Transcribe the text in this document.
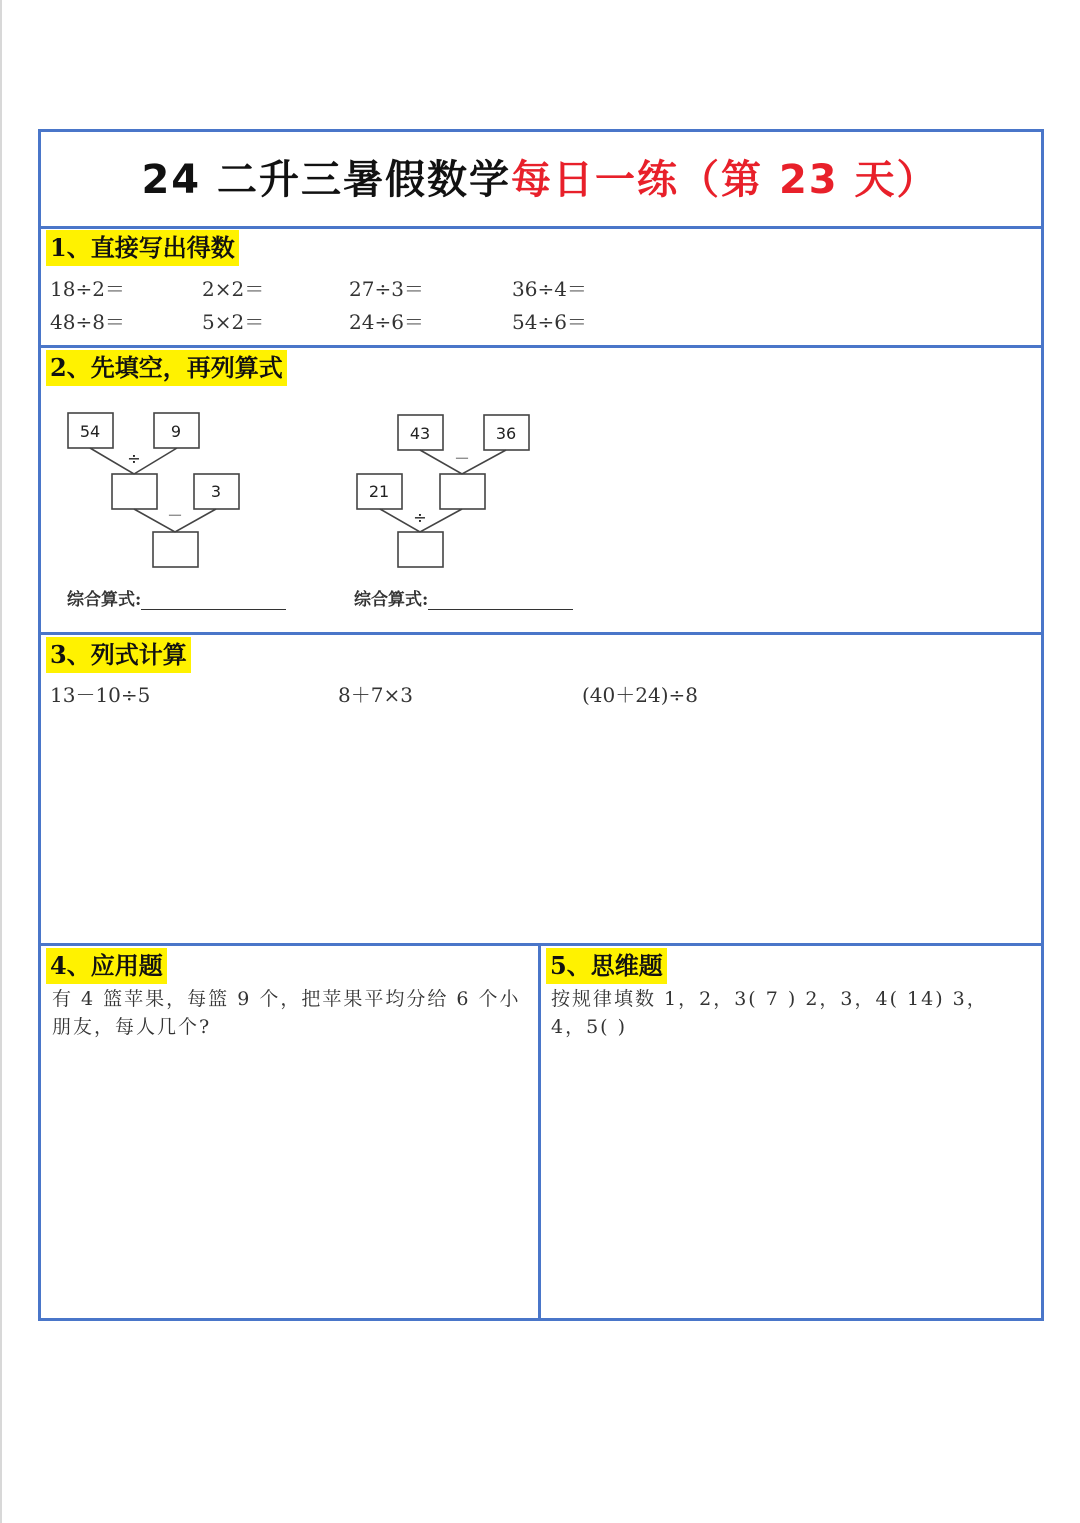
24 二升三暑假数学每日一练（第 23 天）
1、直接写出得数
18÷2＝	2×2＝	27÷3＝	36÷4＝
48÷8＝	5×2＝	24÷6＝	54÷6＝
2、先填空，再列算式
54	9
÷
3
－
43	36
－
21
÷
综合算式:	综合算式:
3、列式计算
13－10÷5	8＋7×3	(40＋24)÷8
4、应用题
有 4 篮苹果，每篮 9 个，把苹果平均分给 6 个小朋友，每人几个?
5、思维题
按规律填数 1，2，3( 7 ) 2，3，4( 14) 3，4，5( )
